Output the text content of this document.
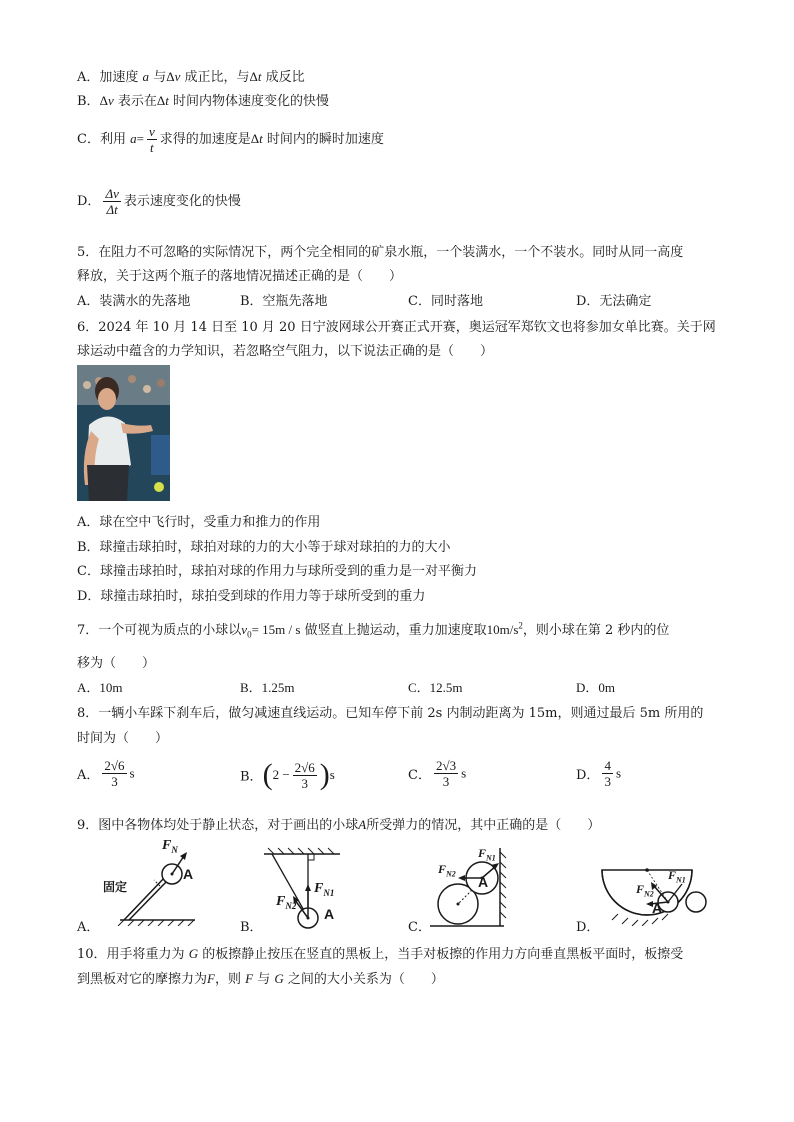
A．加速度 a 与Δv 成正比，与Δt 成反比
B．Δv 表示在Δt 时间内物体速度变化的快慢
C．利用 $a= \frac{v}{t}$ 求得的加速度是Δt 时间内的瞬时加速度
D． $\frac{\Delta v}{\Delta t}$ 表示速度变化的快慢
5．在阻力不可忽略的实际情况下，两个完全相同的矿泉水瓶，一个装满水，一个不装水。同时从同一高度
释放，关于这两个瓶子的落地情况描述正确的是（　　）
A．装满水的先落地	B．空瓶先落地	C．同时落地	D．无法确定
6．2024 年 10 月 14 日至 10 月 20 日宁波网球公开赛正式开赛，奥运冠军郑钦文也将参加女单比赛。关于网
球运动中蕴含的力学知识，若忽略空气阻力，以下说法正确的是（　　）
A．球在空中飞行时，受重力和推力的作用
B．球撞击球拍时，球拍对球的力的大小等于球对球拍的力的大小
C．球撞击球拍时，球拍对球的作用力与球所受到的重力是一对平衡力
D．球撞击球拍时，球拍受到球的作用力等于球所受到的重力
7．一个可视为质点的小球以$v_0= 15m / s$ 做竖直上抛运动，重力加速度取$10m/s^2$，则小球在第 2 秒内的位
移为（　　）
A．10m	B．1.25m	C．12.5m	D．0m
8．一辆小车踩下刹车后，做匀减速直线运动。已知车停下前 2s 内制动距离为 15m，则通过最后 5m 所用的
时间为（　　）
A． $\frac{2√6}{3}$ s	B．$(2 - \frac{2√6}{3} )s$	C． $\frac{2√3}{3}$ s	D． $\frac{4}{3}$ s
9．图中各物体均处于静止状态，对于画出的小球A所受弹力的情况，其中正确的是（　　）
A．	B．	C．	D．
固定
$F_N$
A
$F_{N1}$
$F_{N2}$
A
$F_{N1}$
$F_{N2}$
A	$F_{N1}$
$F_{N2}$
A
10．用手将重力为 G 的板擦静止按压在竖直的黑板上，当手对板擦的作用力方向垂直黑板平面时，板擦受
到黑板对它的摩擦力为F，则 F 与 G 之间的大小关系为（　　）
